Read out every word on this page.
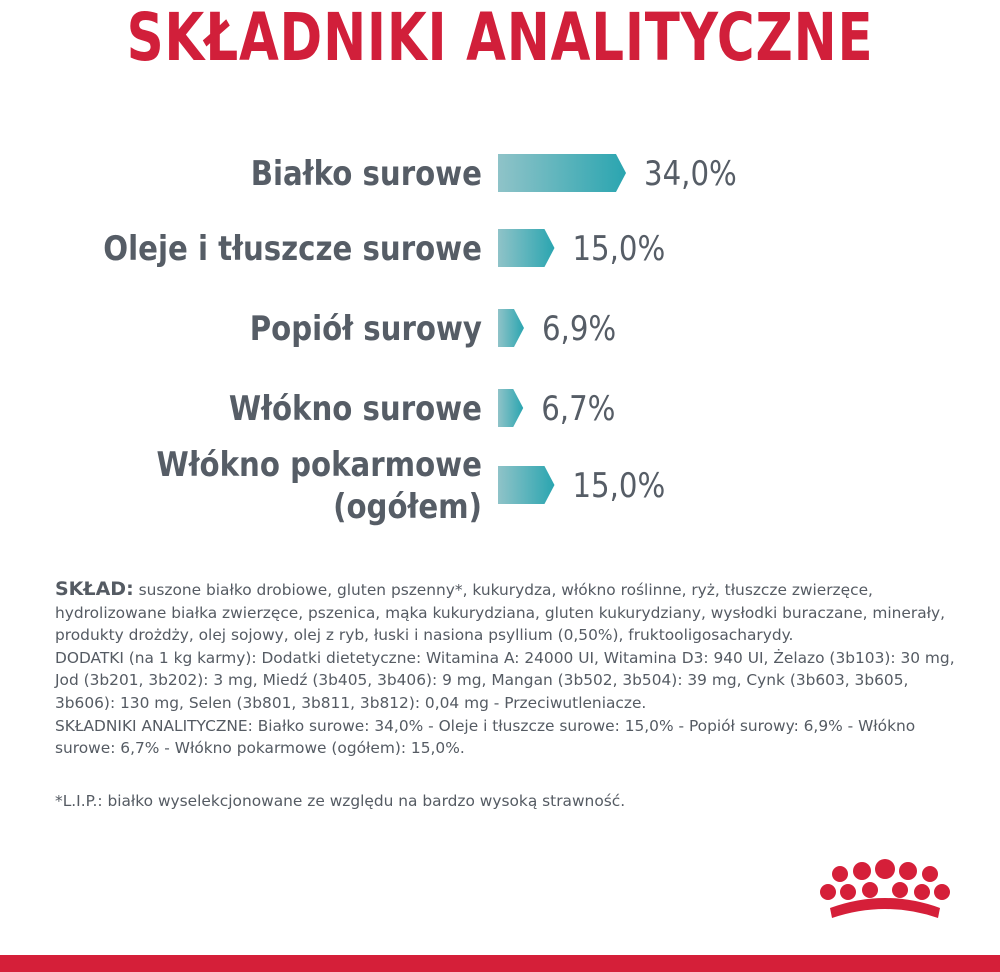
SKŁADNIKI ANALITYCZNE
Białko surowe	34,0%
Oleje i tłuszcze surowe	15,0%
Popiół surowy 6,9%
Włókno surowe 6,7%
Włókno pokarmowe
(ogółem)
15,0%

SKŁAD: suszone białko drobiowe, gluten pszenny*, kukurydza, włókno roślinne, ryż, tłuszcze zwierzęce, hydrolizowane białka zwierzęce, pszenica, mąka kukurydziana, gluten kukurydziany, wysłodki buraczane, minerały, produkty drożdży, olej sojowy, olej z ryb, łuski i nasiona psyllium (0,50%), fruktooligosacharydy.

DODATKI (na 1 kg karmy): Dodatki dietetyczne: Witamina A: 24000 UI, Witamina D3: 940 UI, Żelazo (3b103): 30 mg, Jod (3b201, 3b202): 3 mg, Miedź (3b405, 3b406): 9 mg, Mangan (3b502, 3b504): 39 mg, Cynk (3b603, 3b605, 3b606): 130 mg, Selen (3b801, 3b811, 3b812): 0,04 mg - Przeciwutleniacze.

SKŁADNIKI ANALITYCZNE: Białko surowe: 34,0% - Oleje i tłuszcze surowe: 15,0% - Popiół surowy: 6,9% - Włókno surowe: 6,7% - Włókno pokarmowe (ogółem): 15,0%.

*L.I.P.: białko wyselekcjonowane ze względu na bardzo wysoką strawność.
